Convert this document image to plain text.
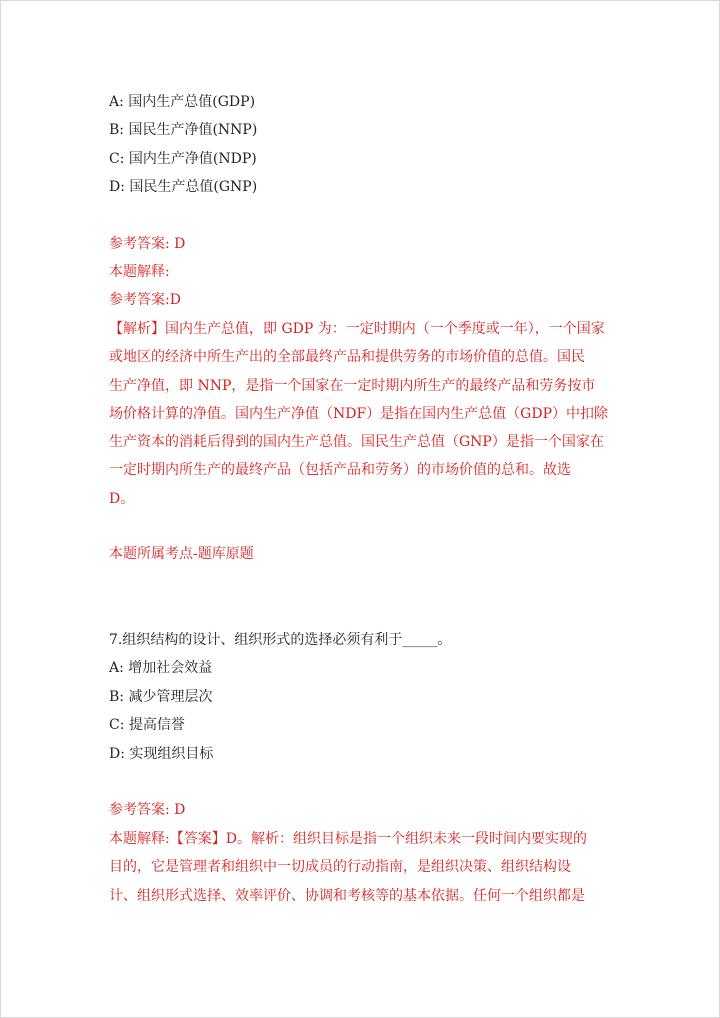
A: 国内生产总值(GDP)
B: 国民生产净值(NNP)
C: 国内生产净值(NDP)
D: 国民生产总值(GNP)
参考答案: D
本题解释:
参考答案:D
【解析】国内生产总值，即 GDP 为：一定时期内（一个季度或一年），一个国家
或地区的经济中所生产出的全部最终产品和提供劳务的市场价值的总值。国民
生产净值，即 NNP，是指一个国家在一定时期内所生产的最终产品和劳务按市
场价格计算的净值。国内生产净值（NDF）是指在国内生产总值（GDP）中扣除
生产资本的消耗后得到的国内生产总值。国民生产总值（GNP）是指一个国家在
一定时期内所生产的最终产品（包括产品和劳务）的市场价值的总和。故选
D。
本题所属考点-题库原题
7.组织结构的设计、组织形式的选择必须有利于_____。
A: 增加社会效益
B: 减少管理层次
C: 提高信誉
D: 实现组织目标
参考答案: D
本题解释:【答案】D。解析：组织目标是指一个组织未来一段时间内要实现的
目的，它是管理者和组织中一切成员的行动指南，是组织决策、组织结构设
计、组织形式选择、效率评价、协调和考核等的基本依据。任何一个组织都是
